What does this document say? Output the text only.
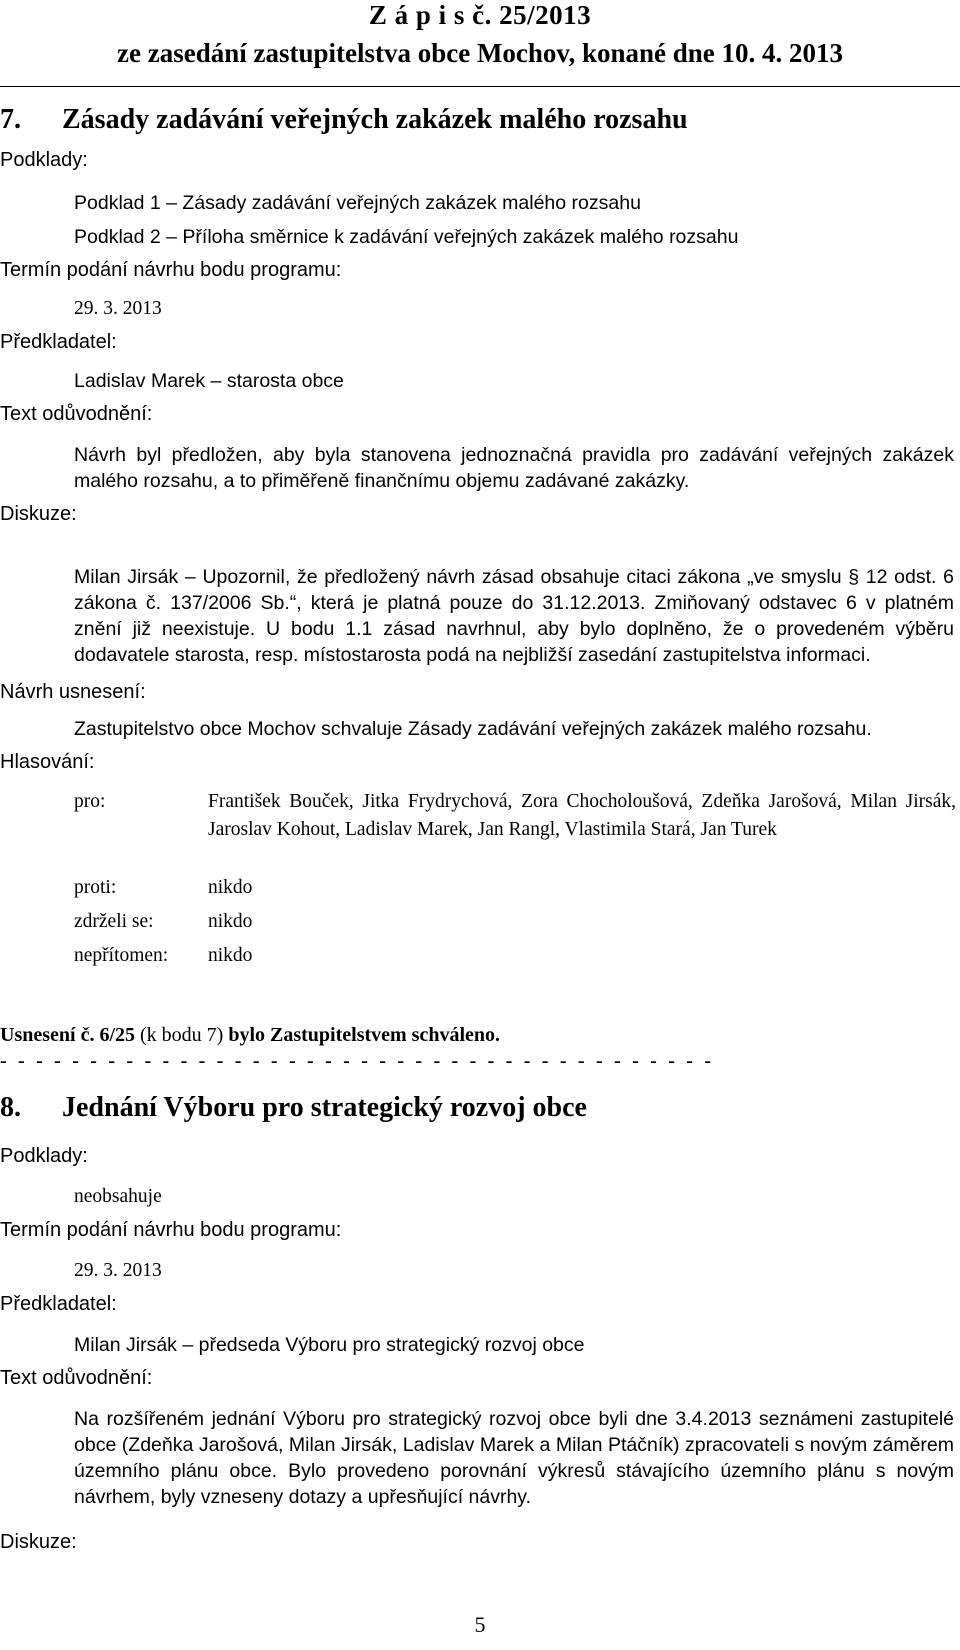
Z á p i s č. 25/2013
ze zasedání zastupitelstva obce Mochov, konané dne 10. 4. 2013
7. Zásady zadávání veřejných zakázek malého rozsahu
Podklady:
Podklad 1 – Zásady zadávání veřejných zakázek malého rozsahu
Podklad 2 – Příloha směrnice k zadávání veřejných zakázek malého rozsahu
Termín podání návrhu bodu programu:
29. 3. 2013
Předkladatel:
Ladislav Marek – starosta obce
Text odůvodnění:
Návrh byl předložen, aby byla stanovena jednoznačná pravidla pro zadávání veřejných zakázek malého rozsahu, a to přiměřeně finančnímu objemu zadávané zakázky.
Diskuze:
Milan Jirsák – Upozornil, že předložený návrh zásad obsahuje citaci zákona „ve smyslu § 12 odst. 6 zákona č. 137/2006 Sb.“, která je platná pouze do 31.12.2013. Zmiňovaný odstavec 6 v platném znění již neexistuje. U bodu 1.1 zásad navrhnul, aby bylo doplněno, že o provedeném výběru dodavatele starosta, resp. místostarosta podá na nejbližší zasedání zastupitelstva informaci.
Návrh usnesení:
Zastupitelstvo obce Mochov schvaluje Zásady zadávání veřejných zakázek malého rozsahu.
Hlasování:
pro:	František Bouček, Jitka Frydrychová, Zora Chocholoušová, Zdeňka Jarošová, Milan Jirsák, Jaroslav Kohout, Ladislav Marek, Jan Rangl, Vlastimila Stará, Jan Turek
proti:	nikdo
zdrželi se:	nikdo
nepřítomen: nikdo
Usnesení č. 6/25 (k bodu 7) bylo Zastupitelstvem schváleno.
- - - - - - - - - - - - - - - - - - - - - - - - - - - - - - - - - - - - - - - -
8. Jednání Výboru pro strategický rozvoj obce
Podklady:
neobsahuje
Termín podání návrhu bodu programu:
29. 3. 2013
Předkladatel:
Milan Jirsák – předseda Výboru pro strategický rozvoj obce
Text odůvodnění:
Na rozšířeném jednání Výboru pro strategický rozvoj obce byli dne 3.4.2013 seznámeni zastupitelé obce (Zdeňka Jarošová, Milan Jirsák, Ladislav Marek a Milan Ptáčník) zpracovateli s novým záměrem územního plánu obce. Bylo provedeno porovnání výkresů stávajícího územního plánu s novým návrhem, byly vzneseny dotazy a upřesňující návrhy.
Diskuze:
5
